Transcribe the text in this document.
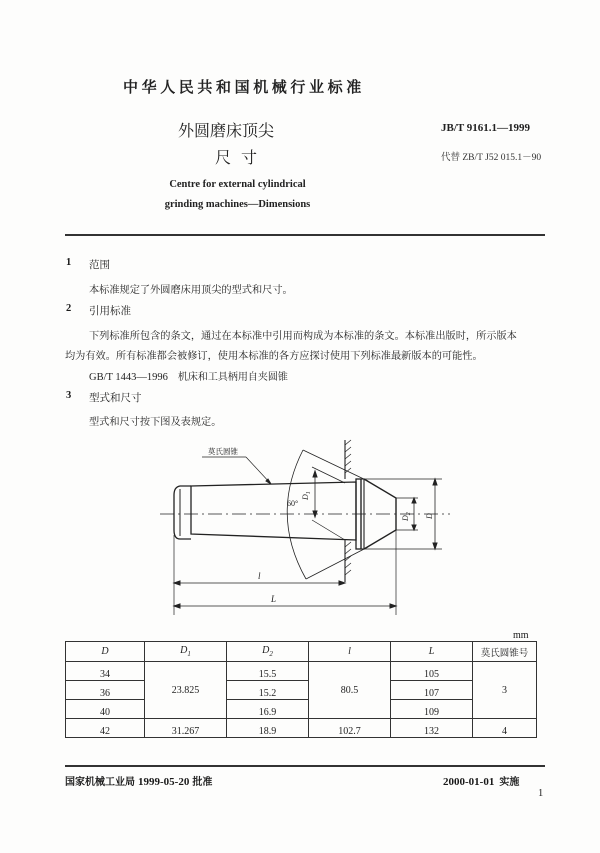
中华人民共和国机械行业标准
外圆磨床顶尖
尺寸
Centre for external cylindrical grinding machines—Dimensions
JB/T 9161.1—1999
代替 ZB/T J52 015.1－90
1 范围
本标准规定了外圆磨床用顶尖的型式和尺寸。
2 引用标准
下列标准所包含的条文，通过在本标准中引用而构成为本标准的条文。本标准出版时，所示版本
均为有效。所有标准都会被修订，使用本标准的各方应探讨使用下列标准最新版本的可能性。
GB/T 1443—1996 机床和工具柄用自夹圆锥
3 型式和尺寸
型式和尺寸按下图及表规定。
60°
$D_1$
$D_2$ D
l
L
莫氏圆锥
mm
D	$D_1$	$D_2$	l	L	莫氏圆锥号
34	23.825	15.5	80.5	105	3
36		15.2		107	
40		16.9		109	
42	31.267	18.9	102.7	132	4
国家机械工业局 1999-05-20 批准	2000-01-01 实施
1
